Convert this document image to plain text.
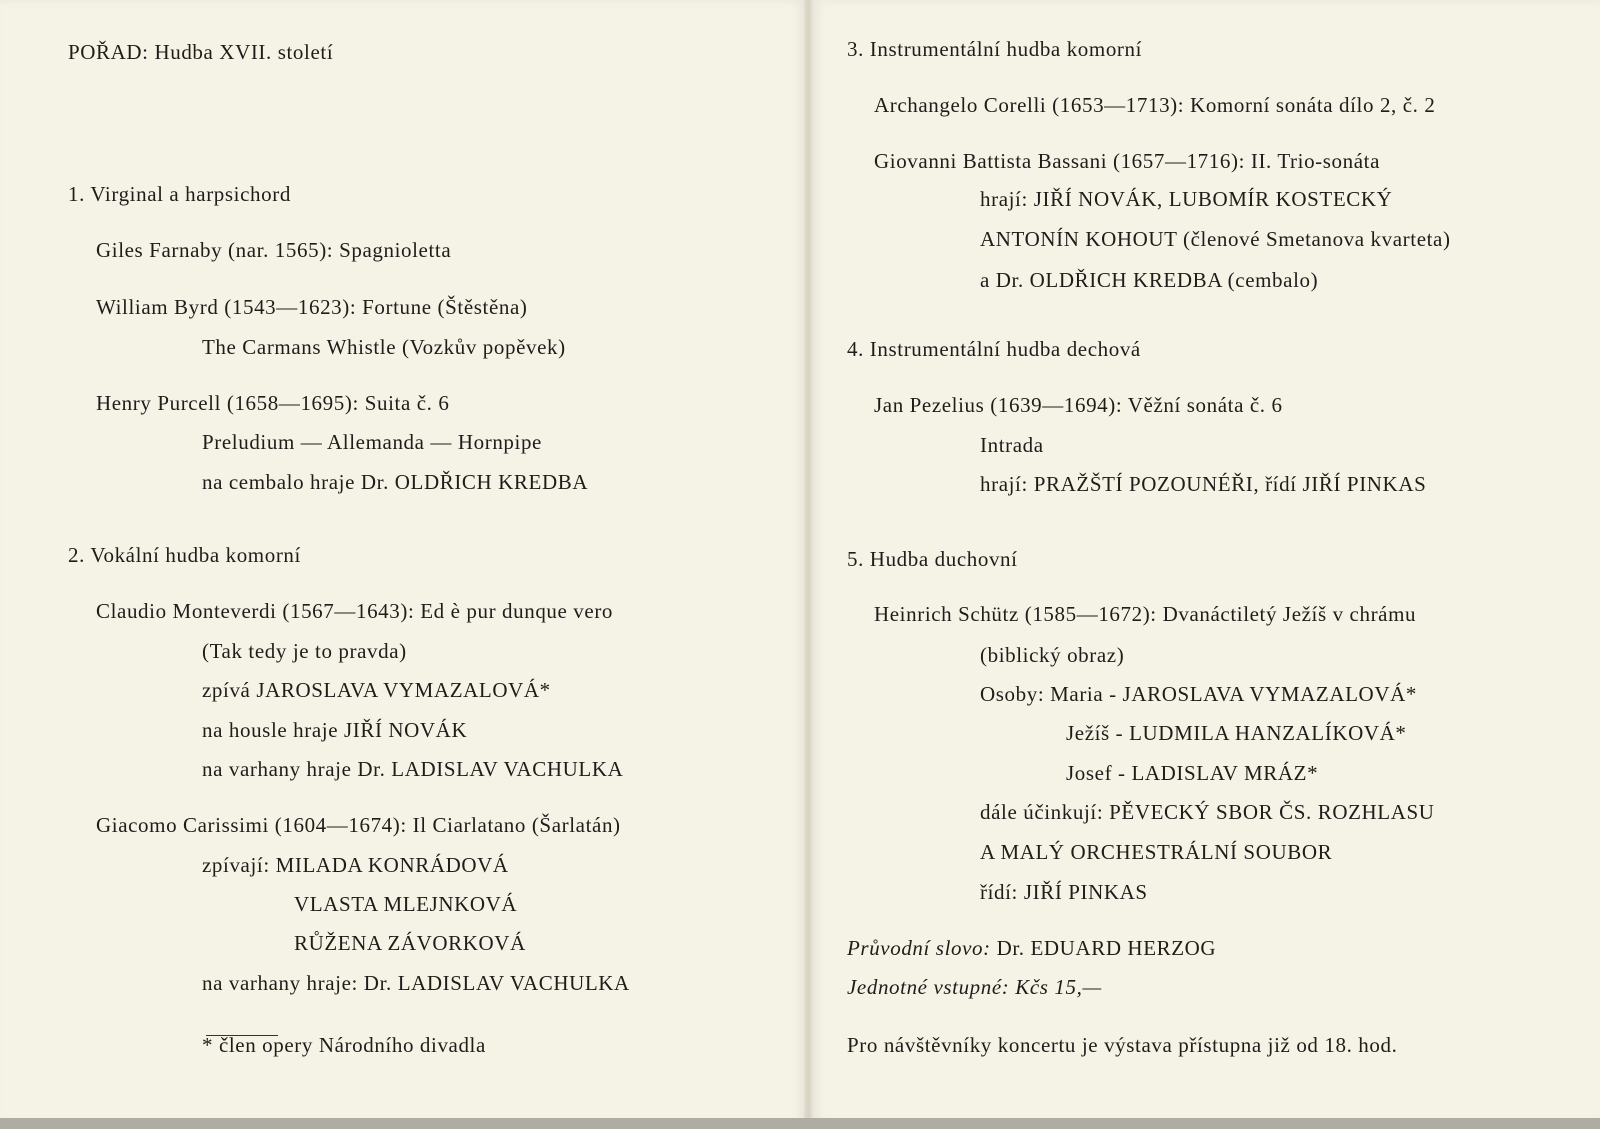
POŘAD: Hudba XVII. století
1. Virginal a harpsichord
Giles Farnaby (nar. 1565): Spagnioletta
William Byrd (1543—1623): Fortune (Štěstěna)
The Carmans Whistle (Vozkův popěvek)
Henry Purcell (1658—1695): Suita č. 6
Preludium — Allemanda — Hornpipe
na cembalo hraje Dr. OLDŘICH KREDBA
2. Vokální hudba komorní
Claudio Monteverdi (1567—1643): Ed è pur dunque vero
(Tak tedy je to pravda)
zpívá JAROSLAVA VYMAZALOVÁ*
na housle hraje JIŘÍ NOVÁK
na varhany hraje Dr. LADISLAV VACHULKA
Giacomo Carissimi (1604—1674): Il Ciarlatano (Šarlatán)
zpívají: MILADA KONRÁDOVÁ
VLASTA MLEJNKOVÁ
RŮŽENA ZÁVORKOVÁ
na varhany hraje: Dr. LADISLAV VACHULKA
* člen opery Národního divadla
3. Instrumentální hudba komorní
Archangelo Corelli (1653—1713): Komorní sonáta dílo 2, č. 2
Giovanni Battista Bassani (1657—1716): II. Trio-sonáta
hrají: JIŘÍ NOVÁK, LUBOMÍR KOSTECKÝ
ANTONÍN KOHOUT (členové Smetanova kvarteta)
a Dr. OLDŘICH KREDBA (cembalo)
4. Instrumentální hudba dechová
Jan Pezelius (1639—1694): Věžní sonáta č. 6
Intrada
hrají: PRAŽŠTÍ POZOUNÉŘI, řídí JIŘÍ PINKAS
5. Hudba duchovní
Heinrich Schütz (1585—1672): Dvanáctiletý Ježíš v chrámu
(biblický obraz)
Osoby: Maria - JAROSLAVA VYMAZALOVÁ*
Ježíš - LUDMILA HANZALÍKOVÁ*
Josef - LADISLAV MRÁZ*
dále účinkují: PĚVECKÝ SBOR ČS. ROZHLASU
A MALÝ ORCHESTRÁLNÍ SOUBOR
řídí: JIŘÍ PINKAS
Průvodní slovo: Dr. EDUARD HERZOG
Jednotné vstupné: Kčs 15,—
Pro návštěvníky koncertu je výstava přístupna již od 18. hod.
